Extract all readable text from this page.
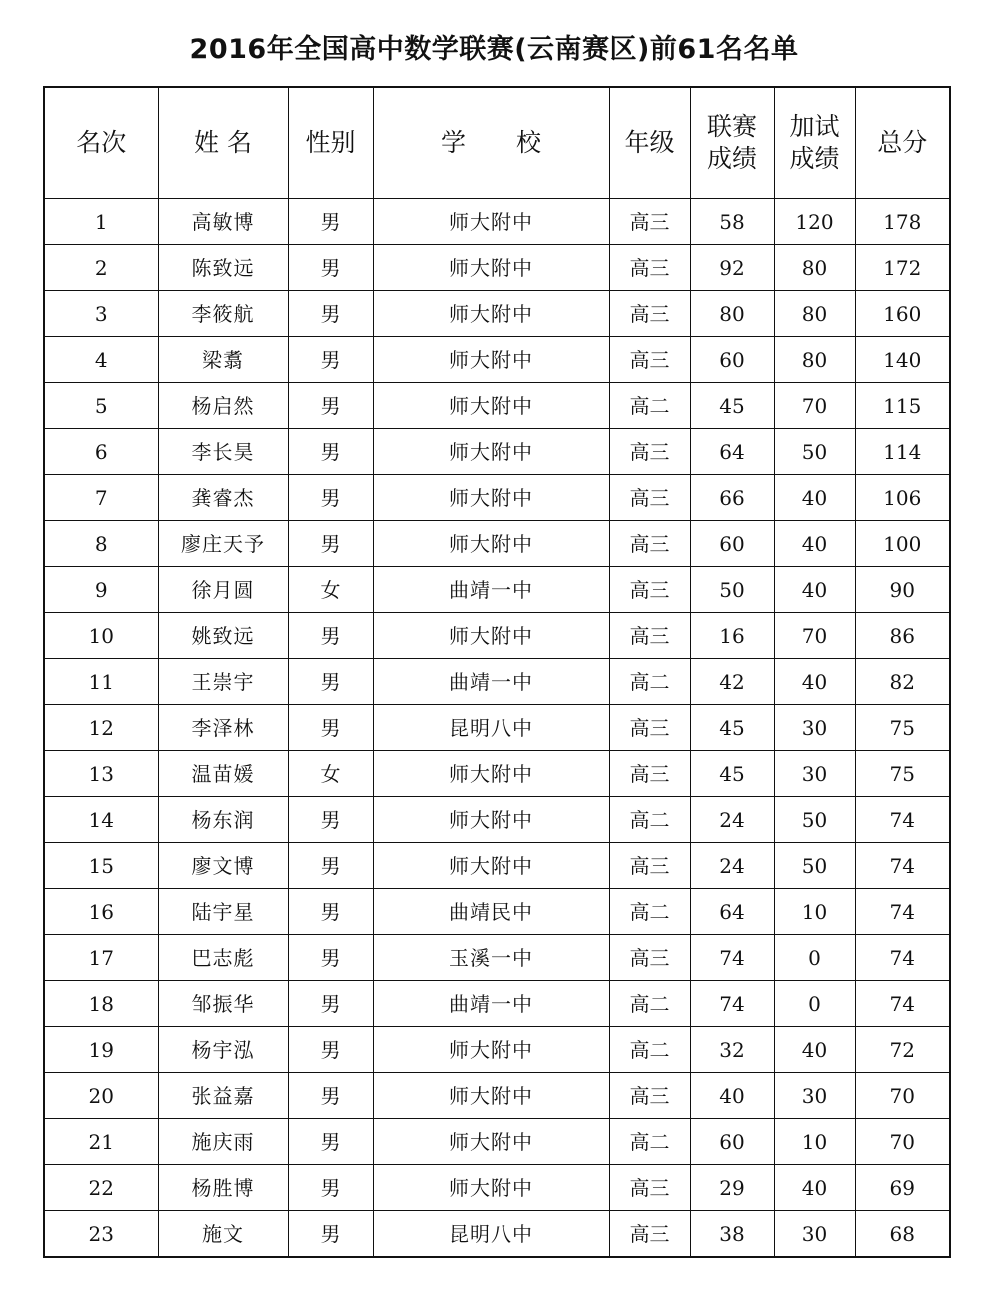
2016年全国高中数学联赛(云南赛区)前61名名单
名次	姓 名	性别	学　　校	年级	联赛成绩	加试成绩	总分
1	高敏博	男	师大附中	高三	58	120	178
2	陈致远	男	师大附中	高三	92	80	172
3	李筱航	男	师大附中	高三	80	80	160
4	梁翥	男	师大附中	高三	60	80	140
5	杨启然	男	师大附中	高二	45	70	115
6	李长昊	男	师大附中	高三	64	50	114
7	龚睿杰	男	师大附中	高三	66	40	106
8	廖庄天予	男	师大附中	高三	60	40	100
9	徐月圆	女	曲靖一中	高三	50	40	90
10	姚致远	男	师大附中	高三	16	70	86
11	王崇宇	男	曲靖一中	高二	42	40	82
12	李泽林	男	昆明八中	高三	45	30	75
13	温苗媛	女	师大附中	高三	45	30	75
14	杨东润	男	师大附中	高二	24	50	74
15	廖文博	男	师大附中	高三	24	50	74
16	陆宇星	男	曲靖民中	高二	64	10	74
17	巴志彪	男	玉溪一中	高三	74	0	74
18	邹振华	男	曲靖一中	高二	74	0	74
19	杨宇泓	男	师大附中	高二	32	40	72
20	张益嘉	男	师大附中	高三	40	30	70
21	施庆雨	男	师大附中	高二	60	10	70
22	杨胜博	男	师大附中	高三	29	40	69
23	施文	男	昆明八中	高三	38	30	68
